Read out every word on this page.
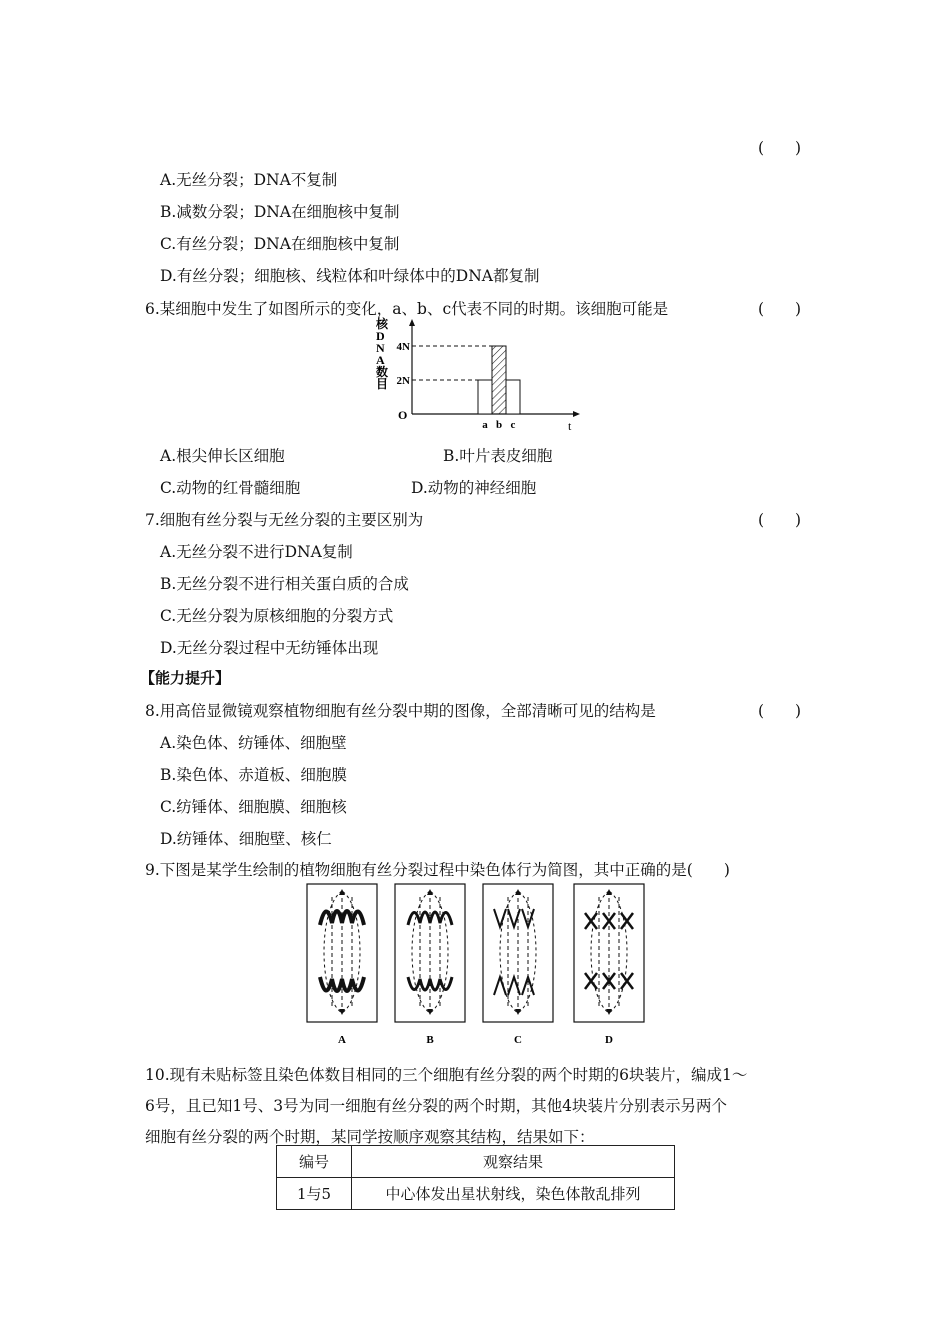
(　　)
A.无丝分裂；DNA不复制
B.减数分裂；DNA在细胞核中复制
C.有丝分裂；DNA在细胞核中复制
D.有丝分裂；细胞核、线粒体和叶绿体中的DNA都复制
6.某细胞中发生了如图所示的变化，a、b、c代表不同的时期。该细胞可能是	(　　)
核 D N A 数目
O
t
2N
4N
a b c
A.根尖伸长区细胞	B.叶片表皮细胞
C.动物的红骨髓细胞	D.动物的神经细胞
7.细胞有丝分裂与无丝分裂的主要区别为	(　　)
A.无丝分裂不进行DNA复制
B.无丝分裂不进行相关蛋白质的合成
C.无丝分裂为原核细胞的分裂方式
D.无丝分裂过程中无纺锤体出现
【能力提升】
8.用高倍显微镜观察植物细胞有丝分裂中期的图像，全部清晰可见的结构是	(　　)
A.染色体、纺锤体、细胞壁
B.染色体、赤道板、细胞膜
C.纺锤体、细胞膜、细胞核
D.纺锤体、细胞壁、核仁
9.下图是某学生绘制的植物细胞有丝分裂过程中染色体行为简图，其中正确的是(　　)
A	B	C	D
10.现有未贴标签且染色体数目相同的三个细胞有丝分裂的两个时期的6块装片，编成1～
6号，且已知1号、3号为同一细胞有丝分裂的两个时期，其他4块装片分别表示另两个
细胞有丝分裂的两个时期，某同学按顺序观察其结构，结果如下：
编号	观察结果
1与5	中心体发出星状射线，染色体散乱排列
